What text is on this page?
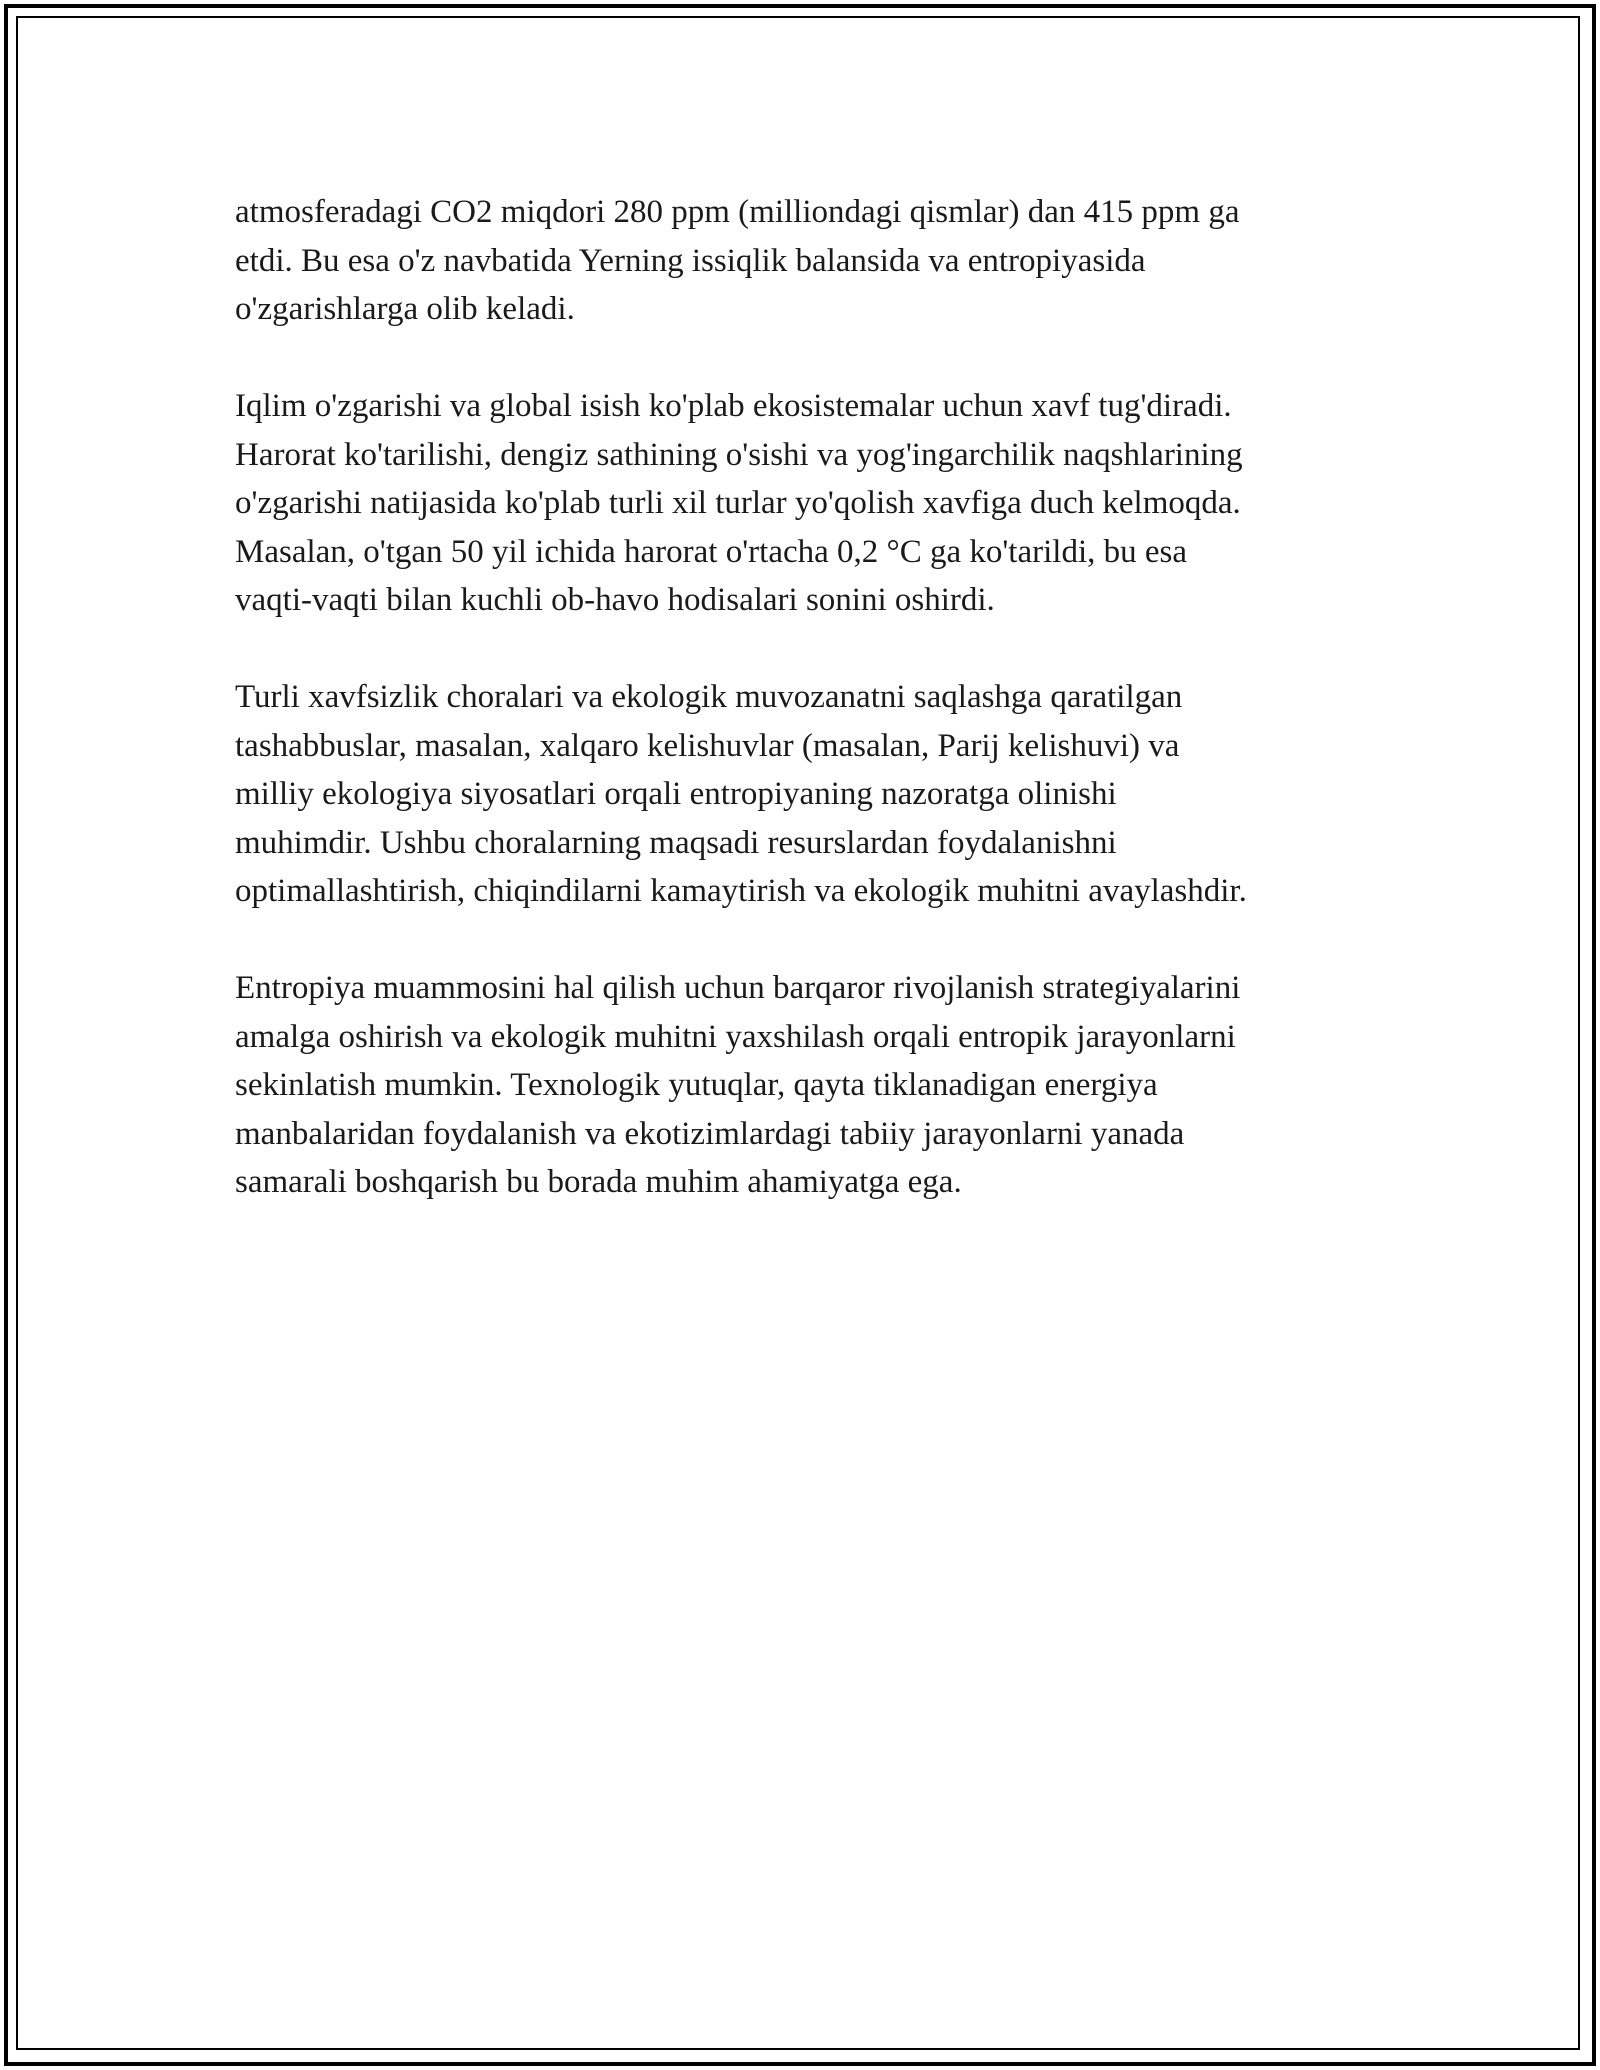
atmosferadagi CO2 miqdori 280 ppm (milliondagi qismlar) dan 415 ppm ga
etdi. Bu esa o'z navbatida Yerning issiqlik balansida va entropiyasida
o'zgarishlarga olib keladi.

Iqlim o'zgarishi va global isish ko'plab ekosistemalar uchun xavf tug'diradi.
Harorat ko'tarilishi, dengiz sathining o'sishi va yog'ingarchilik naqshlarining
o'zgarishi natijasida ko'plab turli xil turlar yo'qolish xavfiga duch kelmoqda.
Masalan, o'tgan 50 yil ichida harorat o'rtacha 0,2 °C ga ko'tarildi, bu esa
vaqti-vaqti bilan kuchli ob-havo hodisalari sonini oshirdi.

Turli xavfsizlik choralari va ekologik muvozanatni saqlashga qaratilgan
tashabbuslar, masalan, xalqaro kelishuvlar (masalan, Parij kelishuvi) va
milliy ekologiya siyosatlari orqali entropiyaning nazoratga olinishi
muhimdir. Ushbu choralarning maqsadi resurslardan foydalanishni
optimallashtirish, chiqindilarni kamaytirish va ekologik muhitni avaylashdir.

Entropiya muammosini hal qilish uchun barqaror rivojlanish strategiyalarini
amalga oshirish va ekologik muhitni yaxshilash orqali entropik jarayonlarni
sekinlatish mumkin. Texnologik yutuqlar, qayta tiklanadigan energiya
manbalaridan foydalanish va ekotizimlardagi tabiiy jarayonlarni yanada
samarali boshqarish bu borada muhim ahamiyatga ega.
